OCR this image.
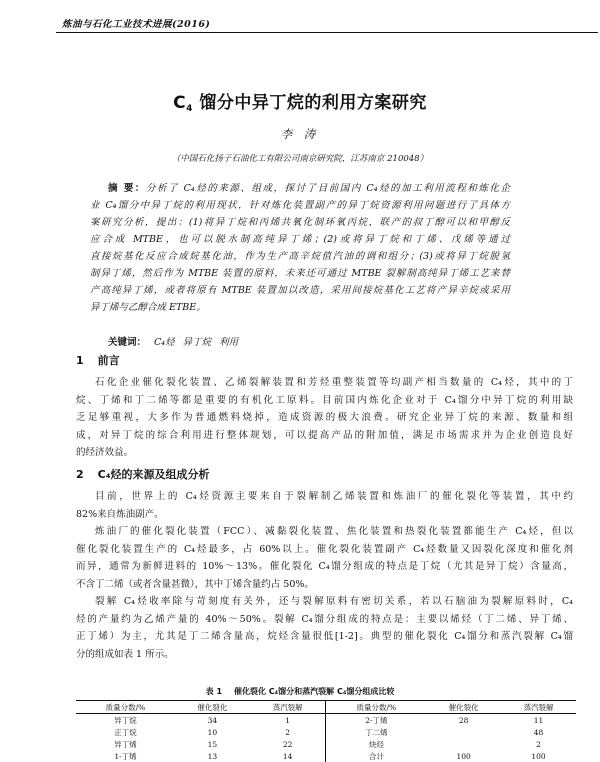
炼油与石化工业技术进展(2016)
$C_4$ 馏分中异丁烷的利用方案研究
李 涛
（中国石化扬子石油化工有限公司南京研究院，江苏南京 210048）
摘 要：分析了 C₄烃的来源、组成，探讨了目前国内 C₄烃的加工利用流程和炼化企
业 C₄馏分中异丁烷的利用现状，针对炼化装置副产的异丁烷资源利用问题进行了具体方
案研究分析，提出：(1)将异丁烷和丙烯共氧化制环氧丙烷，联产的叔丁醇可以和甲醇反
应合成 MTBE，也可以脱水制高纯异丁烯；(2)或将异丁烷和丁烯、戊烯等通过
直接烷基化反应合成烷基化油，作为生产高辛烷值汽油的调和组分；(3)或将异丁烷脱氢
制异丁烯，然后作为 MTBE 装置的原料，未来还可通过 MTBE 裂解制高纯异丁烯工艺来替
产高纯异丁烯，或者将原有 MTBE 装置加以改造，采用间接烷基化工艺将产异辛烷或采用
异丁烯与乙醇合成 ETBE。
关键词： C₄烃 异丁烷 利用
1 前言
石化企业催化裂化装置、乙烯裂解装置和芳烃重整装置等均副产相当数量的 C₄烃，其中的丁
烷、丁烯和丁二烯等都是重要的有机化工原料。目前国内炼化企业对于 C₄馏分中异丁烷的利用缺
乏足够重视，大多作为普通燃料烧掉，造成资源的极大浪费。研究企业异丁烷的来源、数量和组
成，对异丁烷的综合利用进行整体规划，可以提高产品的附加值，满足市场需求并为企业创造良好
的经济效益。
2 C₄烃的来源及组成分析
目前，世界上的 C₄烃资源主要来自于裂解制乙烯装置和炼油厂的催化裂化等装置，其中约
82%来自炼油副产。
炼油厂的催化裂化装置（FCC）、减黏裂化装置、焦化装置和热裂化装置都能生产 C₄烃，但以
催化裂化装置生产的 C₄烃最多，占 60%以上。催化裂化装置副产 C₄烃数量又因裂化深度和催化剂
而异，通常为新鲜进料的 10%～13%。催化裂化 C₄馏分组成的特点是丁烷（尤其是异丁烷）含量高，
不含丁二烯（或者含量甚微），其中丁烯含量约占 50%。
裂解 C₄烃收率除与苛刻度有关外，还与裂解原料有密切关系，若以石脑油为裂解原料时，C₄
烃的产量约为乙烯产量的 40%～50%。裂解 C₄馏分组成的特点是：主要以烯烃（丁二烯、异丁烯、
正丁烯）为主，尤其是丁二烯含量高，烷烃含量很低[1-2]。典型的催化裂化 C₄馏分和蒸汽裂解 C₄馏
分的组成如表 1 所示。
表 1 催化裂化 C₄馏分和蒸汽裂解 C₄馏分组成比较
质量分数/%	催化裂化	蒸汽裂解	质量分数/%	催化裂化	蒸汽裂解
异丁烷	34	1	2-丁烯	28	11
正丁烷	10	2	丁二烯		48
异丁烯	15	22	炔烃		2
1-丁烯	13	14	合计	100	100
